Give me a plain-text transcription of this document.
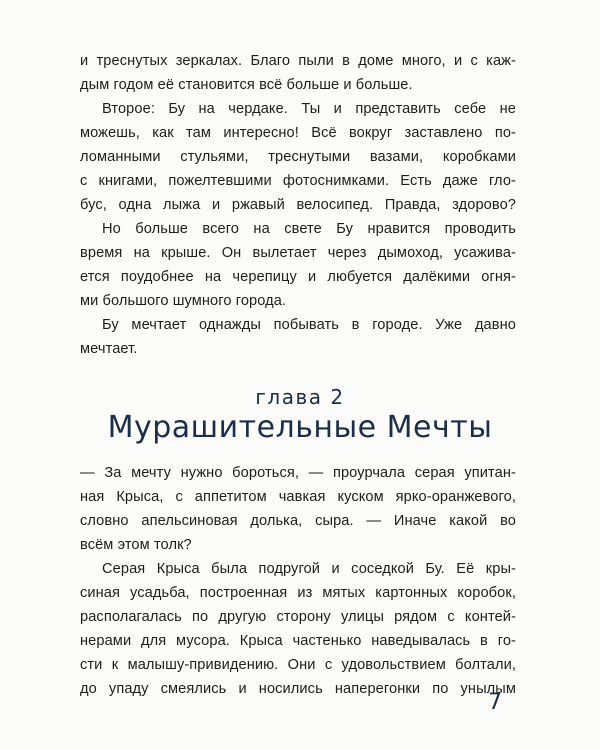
и треснутых зеркалах. Благо пыли в доме много, и с каж-
дым годом её становится всё больше и больше.
Второе: Бу на чердаке. Ты и представить себе не
можешь, как там интересно! Всё вокруг заставлено по-
ломанными стульями, треснутыми вазами, коробками
с книгами, пожелтевшими фотоснимками. Есть даже гло-
бус, одна лыжа и ржавый велосипед. Правда, здорово?
Но больше всего на свете Бу нравится проводить
время на крыше. Он вылетает через дымоход, усажива-
ется поудобнее на черепицу и любуется далёкими огня-
ми большого шумного города.
Бу мечтает однажды побывать в городе. Уже давно
мечтает.
глава 2
Мурашительные Мечты
— За мечту нужно бороться, — проурчала серая упитан-
ная Крыса, с аппетитом чавкая куском ярко-оранжевого,
словно апельсиновая долька, сыра. — Иначе какой во
всём этом толк?
Серая Крыса была подругой и соседкой Бу. Её кры-
синая усадьба, построенная из мятых картонных коробок,
располагалась по другую сторону улицы рядом с контей-
нерами для мусора. Крыса частенько наведывалась в го-
сти к малышу-привидению. Они с удовольствием болтали,
до упаду смеялись и носились наперегонки по унылым
7
